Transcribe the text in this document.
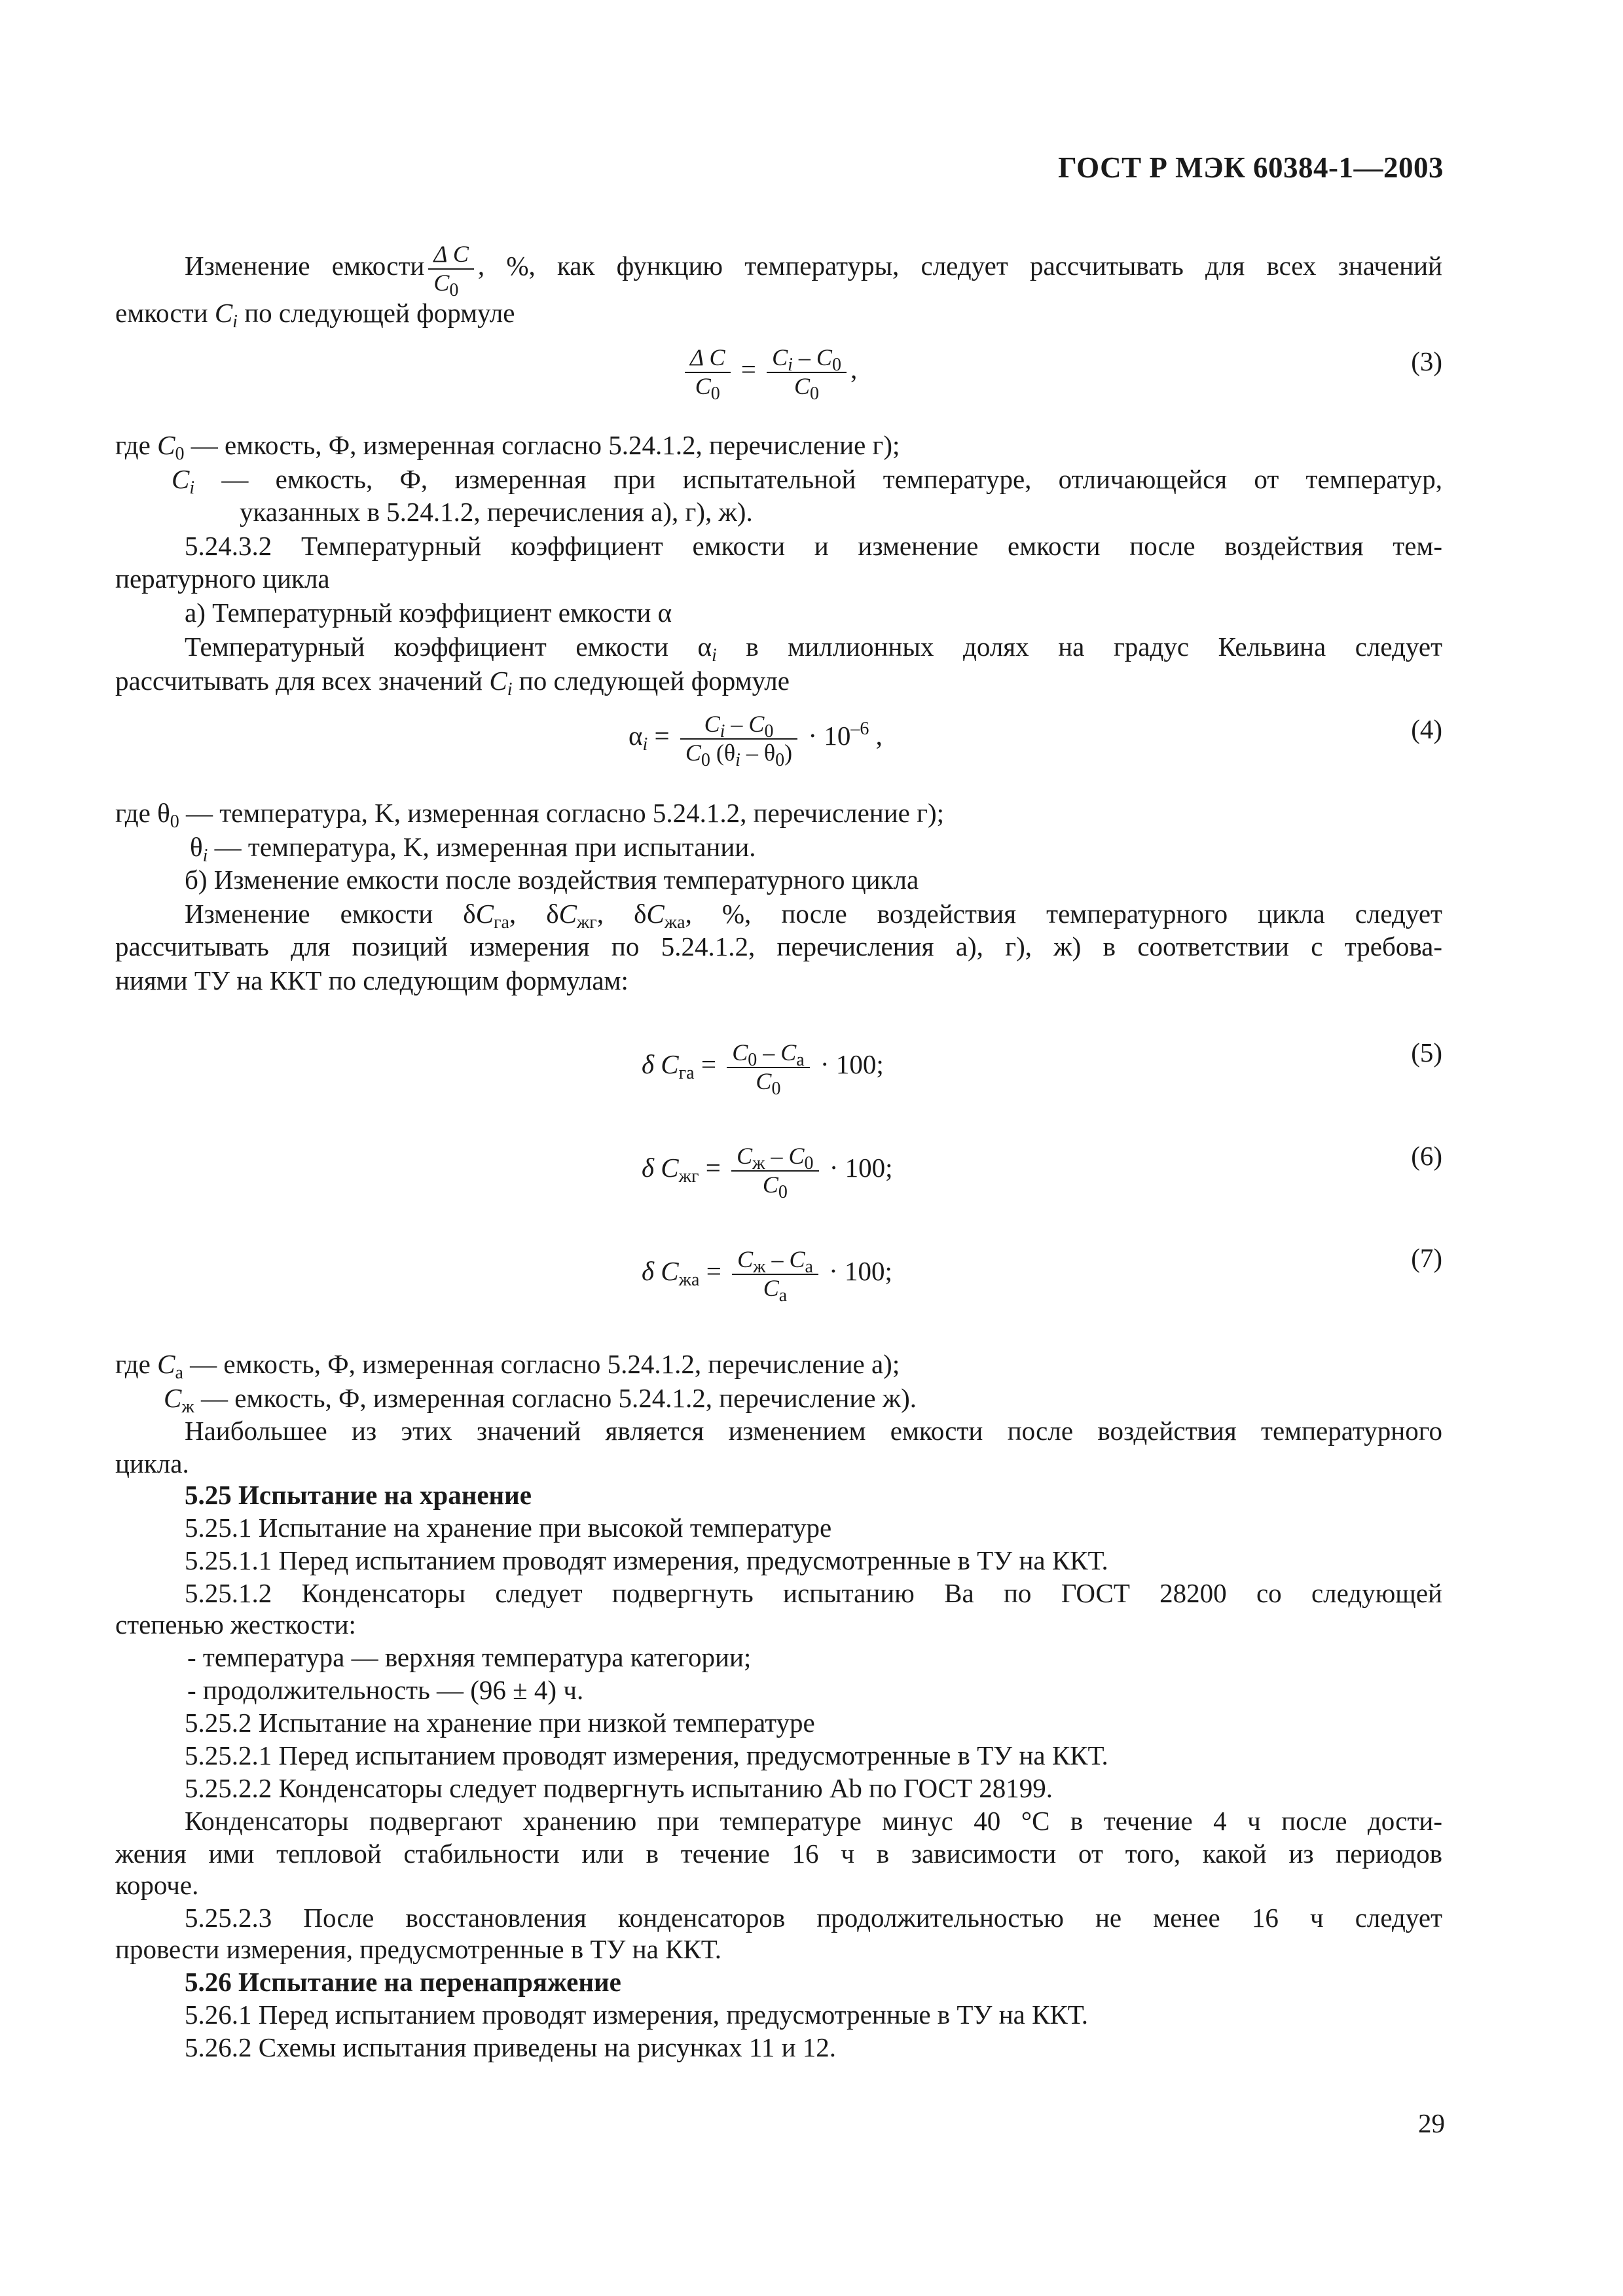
ГОСТ Р МЭК 60384-1—2003
Изменение емкости $\frac{\text{Δ C}}{C_0}$ , %, как функцию температуры, следует рассчитывать для всех значений
емкости $C_i$ по следующей формуле
$\frac{\text{Δ C}}{C_0} = \frac{C_i - C_0}{C_0}$ ,	(3)
где $C_0$ — емкость, Ф, измеренная согласно 5.24.1.2, перечисление г);
$C_i$ — емкость, Ф, измеренная при испытательной температуре, отличающейся от температур,
указанных в 5.24.1.2, перечисления а), г), ж).
5.24.3.2 Температурный коэффициент емкости и изменение емкости после воздействия тем-
пературного цикла
а) Температурный коэффициент емкости α
Температурный коэффициент емкости $\alpha_i$ в миллионных долях на градус Кельвина следует
рассчитывать для всех значений $C_i$ по следующей формуле
$\alpha_i = \frac{C_i - C_0}{C_0 (\theta_i - \theta_0)} \cdot 10^{-6}$ ,	(4)
где $\theta_0$ — температура, K, измеренная согласно 5.24.1.2, перечисление г);
$\theta_i$ — температура, K, измеренная при испытании.
б) Изменение емкости после воздействия температурного цикла
Изменение емкости $\delta C_{га}$, $\delta C_{жг}$, $\delta C_{жа}$, %, после воздействия температурного цикла следует
рассчитывать для позиций измерения по 5.24.1.2, перечисления а), г), ж) в соответствии с требова-
ниями ТУ на ККТ по следующим формулам:
δ $C_{га} = \frac{C_0 - C_а}{C_0} \cdot 100$;	(5)
δ $C_{жг} = \frac{C_ж - C_0}{C_0} \cdot 100$;	(6)
δ $C_{жа} = \frac{C_ж - C_а}{C_а} \cdot 100$;	(7)
где $C_а$ — емкость, Ф, измеренная согласно 5.24.1.2, перечисление а);
$C_ж$ — емкость, Ф, измеренная согласно 5.24.1.2, перечисление ж).
Наибольшее из этих значений является изменением емкости после воздействия температурного
цикла.
5.25 Испытание на хранение
5.25.1 Испытание на хранение при высокой температуре
5.25.1.1 Перед испытанием проводят измерения, предусмотренные в ТУ на ККТ.
5.25.1.2 Конденсаторы следует подвергнуть испытанию Ва по ГОСТ 28200 со следующей
степенью жесткости:
- температура — верхняя температура категории;
- продолжительность — (96 ± 4) ч.
5.25.2 Испытание на хранение при низкой температуре
5.25.2.1 Перед испытанием проводят измерения, предусмотренные в ТУ на ККТ.
5.25.2.2 Конденсаторы следует подвергнуть испытанию Ab по ГОСТ 28199.
Конденсаторы подвергают хранению при температуре минус 40 °С в течение 4 ч после дости-
жения ими тепловой стабильности или в течение 16 ч в зависимости от того, какой из периодов
короче.
5.25.2.3 После восстановления конденсаторов продолжительностью не менее 16 ч следует
провести измерения, предусмотренные в ТУ на ККТ.
5.26 Испытание на перенапряжение
5.26.1 Перед испытанием проводят измерения, предусмотренные в ТУ на ККТ.
5.26.2 Схемы испытания приведены на рисунках 11 и 12.
29
